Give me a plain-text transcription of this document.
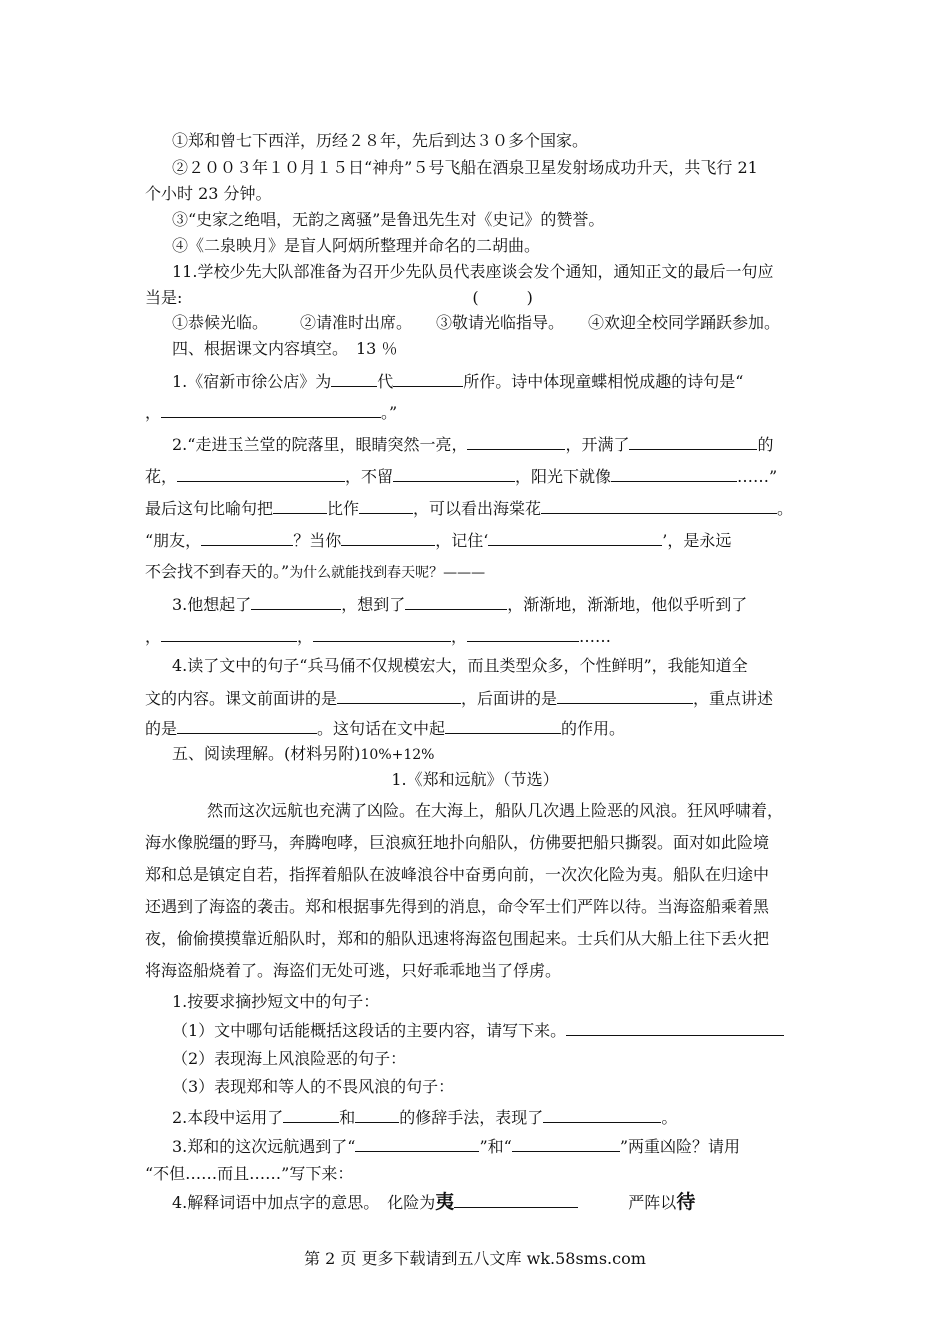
①郑和曾七下西洋，历经２８年，先后到达３０多个国家。
②２００３年１０月１５日“神舟”５号飞船在酒泉卫星发射场成功升天，共飞行 21
个小时 23 分钟。
③“史家之绝唱，无韵之离骚”是鲁迅先生对《史记》的赞誉。
④《二泉映月》是盲人阿炳所整理并命名的二胡曲。
11.学校少先大队部准备为召开少先队员代表座谈会发个通知，通知正文的最后一句应
当是:	(　　　)
①恭候光临。 ②请准时出席。 ③敬请光临指导。 ④欢迎全校同学踊跃参加。
四、根据课文内容填空。　13 ％
1.《宿新市徐公店》为	代	所作。诗中体现童蝶相悦成趣的诗句是“
，	。”
2.“走进玉兰堂的院落里，眼睛突然一亮，	，开满了	的
花，	，不留	，阳光下就像	……”
最后这句比喻句把	比作	，可以看出海棠花	。
“朋友，	？当你	，记住‘	’，是永远
不会找不到春天的。”为什么就能找到春天呢？———
3.他想起了	，想到了	，渐渐地，渐渐地，他似乎听到了
，	，	，	……
4.读了文中的句子“兵马俑不仅规模宏大，而且类型众多，个性鲜明”，我能知道全
文的内容。课文前面讲的是	，后面讲的是	，重点讲述
的是	。这句话在文中起	的作用。
五、阅读理解。(材料另附)10%+12%
1.《郑和远航》（节选）
然而这次远航也充满了凶险。在大海上，船队几次遇上险恶的风浪。狂风呼啸着，
海水像脱缰的野马，奔腾咆哮，巨浪疯狂地扑向船队，仿佛要把船只撕裂。面对如此险境
郑和总是镇定自若，指挥着船队在波峰浪谷中奋勇向前，一次次化险为夷。船队在归途中
还遇到了海盗的袭击。郑和根据事先得到的消息，命令军士们严阵以待。当海盗船乘着黑
夜，偷偷摸摸靠近船队时，郑和的船队迅速将海盗包围起来。士兵们从大船上往下丢火把
将海盗船烧着了。海盗们无处可逃，只好乖乖地当了俘虏。
1.按要求摘抄短文中的句子：
（1）文中哪句话能概括这段话的主要内容，请写下来。
（2）表现海上风浪险恶的句子：
（3）表现郑和等人的不畏风浪的句子：
2.本段中运用了	和	的修辞手法，表现了	。
3.郑和的这次远航遇到了“	”和“	”两重凶险？请用
“不但……而且……”写下来：
4.解释词语中加点字的意思。　化险为夷	严阵以待
第 2 页 更多下载请到五八文库 wk.58sms.com
